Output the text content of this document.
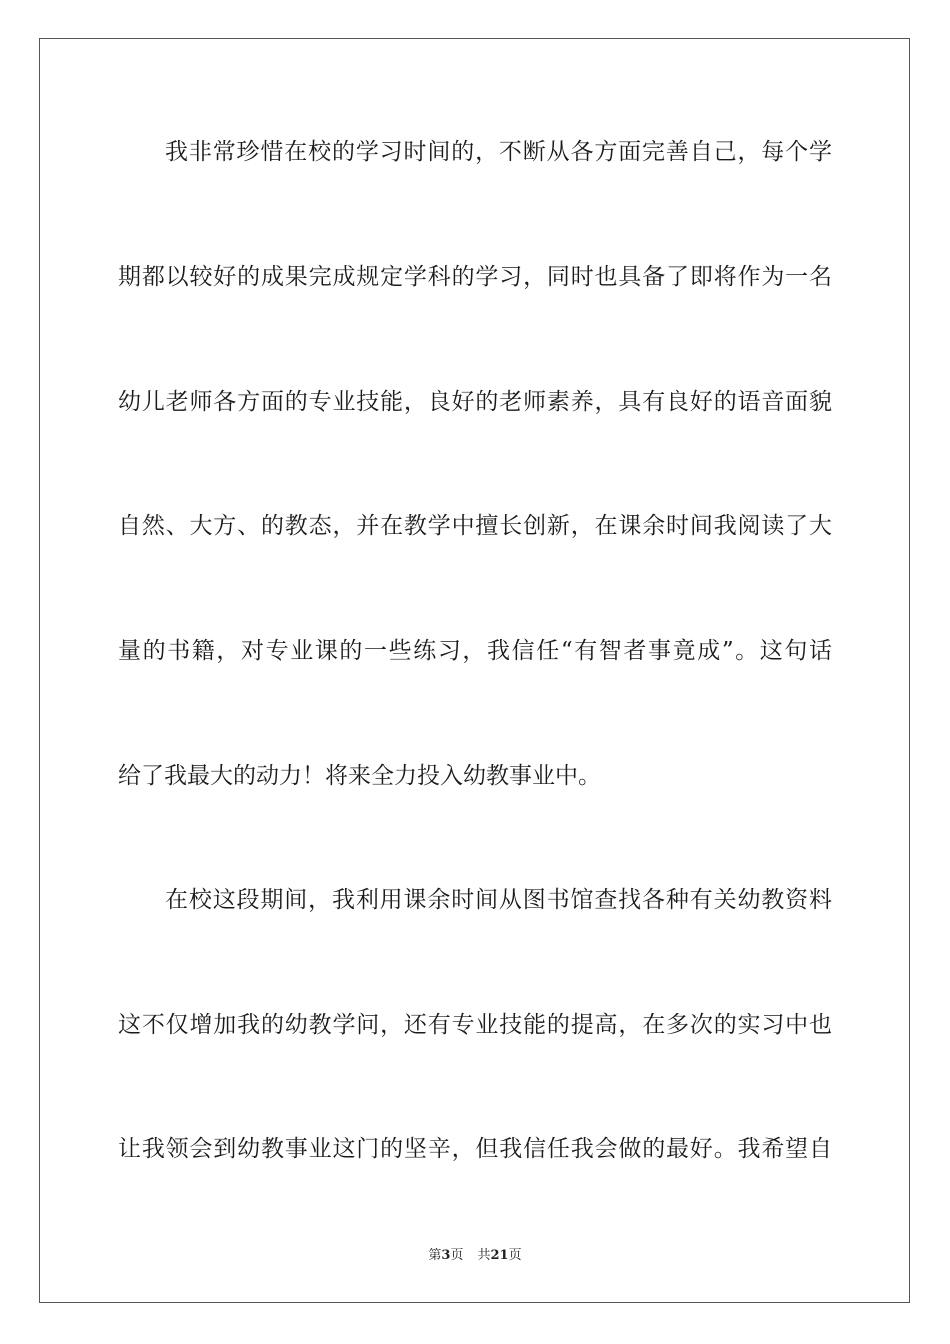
我非常珍惜在校的学习时间的，不断从各方面完善自己，每个学
期都以较好的成果完成规定学科的学习，同时也具备了即将作为一名
幼儿老师各方面的专业技能，良好的老师素养，具有良好的语音面貌
自然、大方、的教态，并在教学中擅长创新，在课余时间我阅读了大
量的书籍，对专业课的一些练习，我信任“有智者事竟成”。这句话
给了我最大的动力！将来全力投入幼教事业中。
在校这段期间，我利用课余时间从图书馆查找各种有关幼教资料
这不仅增加我的幼教学问，还有专业技能的提高，在多次的实习中也
让我领会到幼教事业这门的坚辛，但我信任我会做的最好。我希望自
第3页 共21页
